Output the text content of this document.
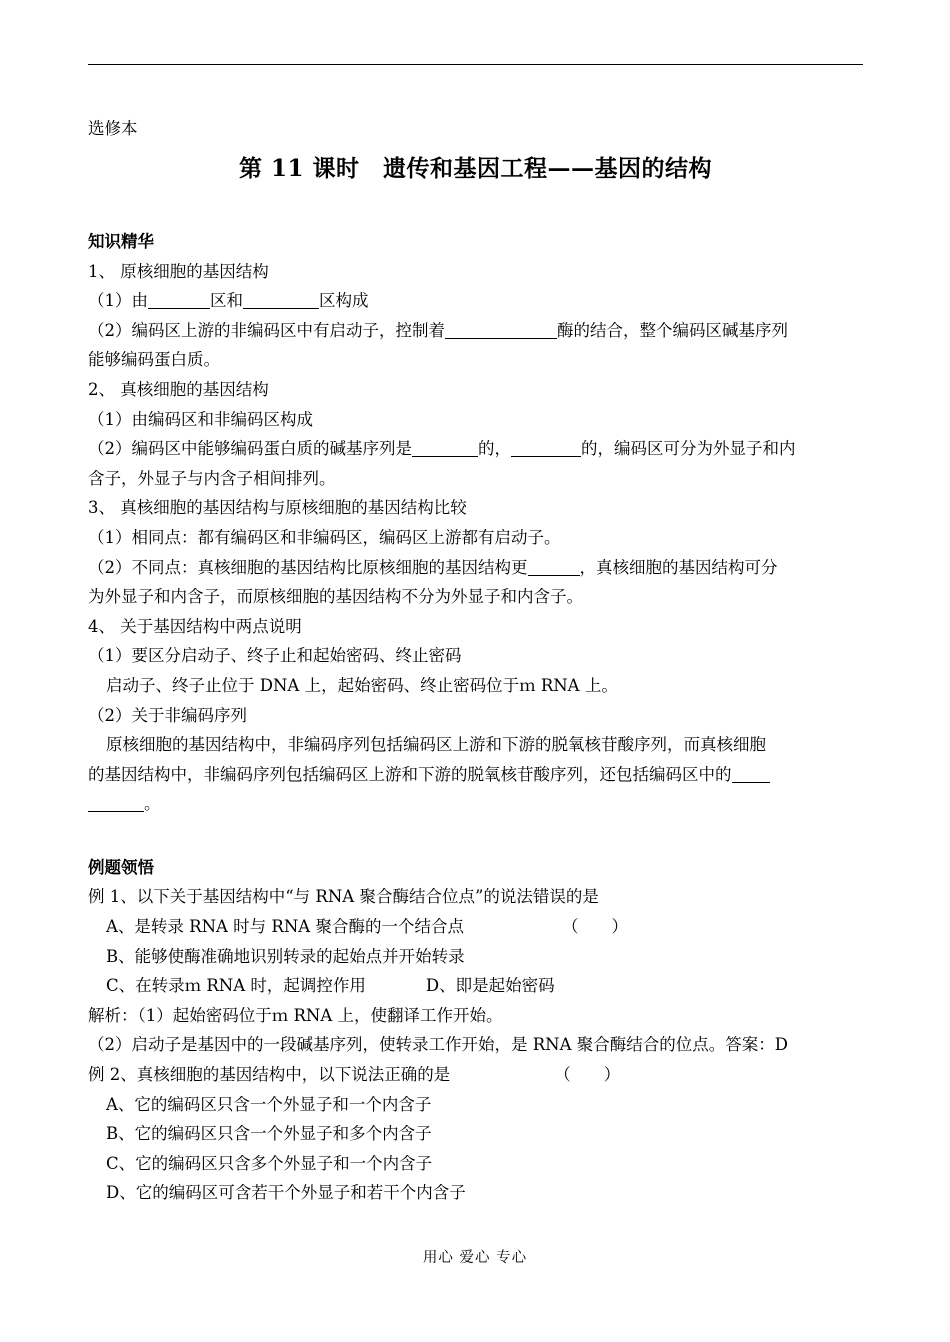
选修本
第 11 课时　遗传和基因工程——基因的结构
知识精华
1、 原核细胞的基因结构
（1）由	区和	区构成
（2）编码区上游的非编码区中有启动子，控制着	酶的结合，整个编码区碱基序列
能够编码蛋白质。
2、 真核细胞的基因结构
（1）由编码区和非编码区构成
（2）编码区中能够编码蛋白质的碱基序列是	的，	的，编码区可分为外显子和内
含子，外显子与内含子相间排列。
3、 真核细胞的基因结构与原核细胞的基因结构比较
（1）相同点：都有编码区和非编码区，编码区上游都有启动子。
（2）不同点：真核细胞的基因结构比原核细胞的基因结构更	，真核细胞的基因结构可分
为外显子和内含子，而原核细胞的基因结构不分为外显子和内含子。
4、 关于基因结构中两点说明
（1）要区分启动子、终子止和起始密码、终止密码
启动子、终子止位于 DNA 上，起始密码、终止密码位于ｍ RNA 上。
（2）关于非编码序列
原核细胞的基因结构中，非编码序列包括编码区上游和下游的脱氧核苷酸序列，而真核细胞
的基因结构中，非编码序列包括编码区上游和下游的脱氧核苷酸序列，还包括编码区中的
。
例题领悟
例 1、以下关于基因结构中“与 RNA 聚合酶结合位点”的说法错误的是
A、是转录 RNA 时与 RNA 聚合酶的一个结合点	（　　）
B、能够使酶准确地识别转录的起始点并开始转录
C、在转录ｍ RNA 时，起调控作用	D、即是起始密码
解析：（1）起始密码位于ｍ RNA 上，使翻译工作开始。
（2）启动子是基因中的一段碱基序列，使转录工作开始，是 RNA 聚合酶结合的位点。答案：D
例 2、真核细胞的基因结构中，以下说法正确的是	（　　）
A、它的编码区只含一个外显子和一个内含子
B、它的编码区只含一个外显子和多个内含子
C、它的编码区只含多个外显子和一个内含子
D、它的编码区可含若干个外显子和若干个内含子
用心 爱心 专心
